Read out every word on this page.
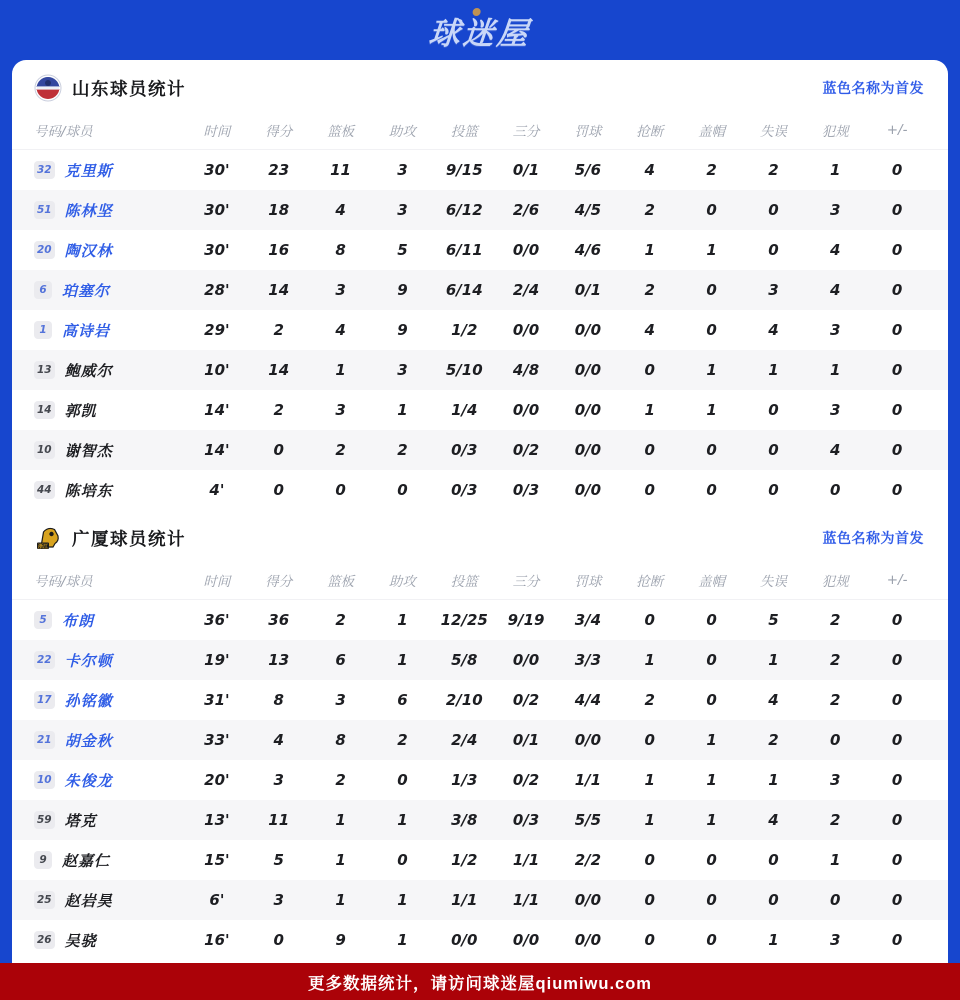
球迷屋
山东球员统计	蓝色名称为首发
号码/球员	时间	得分	篮板	助攻	投篮	三分	罚球	抢断	盖帽	失误	犯规	+/-
32 克里斯	30'	23	11	3	9/15	0/1	5/6	4	2	2	1	0
51 陈林坚	30'	18	4	3	6/12	2/6	4/5	2	0	0	3	0
20 陶汉林	30'	16	8	5	6/11	0/0	4/6	1	1	0	4	0
6	珀塞尔	28'	14	3	9	6/14	2/4	0/1	2	0	3	4	0
1	高诗岩	29'	2	4	9	1/2	0/0	0/0	4	0	4	3	0
13 鲍威尔	10'	14	1	3	5/10	4/8	0/0	0	1	1	1	0
14 郭凯	14'	2	3	1	1/4	0/0	0/0	1	1	0	3	0
10 谢智杰	14'	0	2	2	0/3	0/2	0/0	0	0	0	4	0
44 陈培东	4'	0	0	0	0/3	0/3	0/0	0	0	0	0	0
浙江 广厦球员统计	蓝色名称为首发
号码/球员	时间	得分	篮板	助攻	投篮	三分	罚球	抢断	盖帽	失误	犯规	+/-
5	布朗	36'	36	2	1	12/25	9/19	3/4	0	0	5	2	0
22 卡尔顿	19'	13	6	1	5/8	0/0	3/3	1	0	1	2	0
17 孙铭徽	31'	8	3	6	2/10	0/2	4/4	2	0	4	2	0
21 胡金秋	33'	4	8	2	2/4	0/1	0/0	0	1	2	0	0
10 朱俊龙	20'	3	2	0	1/3	0/2	1/1	1	1	1	3	0
59 塔克	13'	11	1	1	3/8	0/3	5/5	1	1	4	2	0
9	赵嘉仁	15'	5	1	0	1/2	1/1	2/2	0	0	0	1	0
25 赵岩昊	6'	3	1	1	1/1	1/1	0/0	0	0	0	0	0
26 吴骁	16'	0	9	1	0/0	0/0	0/0	0	0	1	3	0
更多数据统计，请访问球迷屋qiumiwu.com
